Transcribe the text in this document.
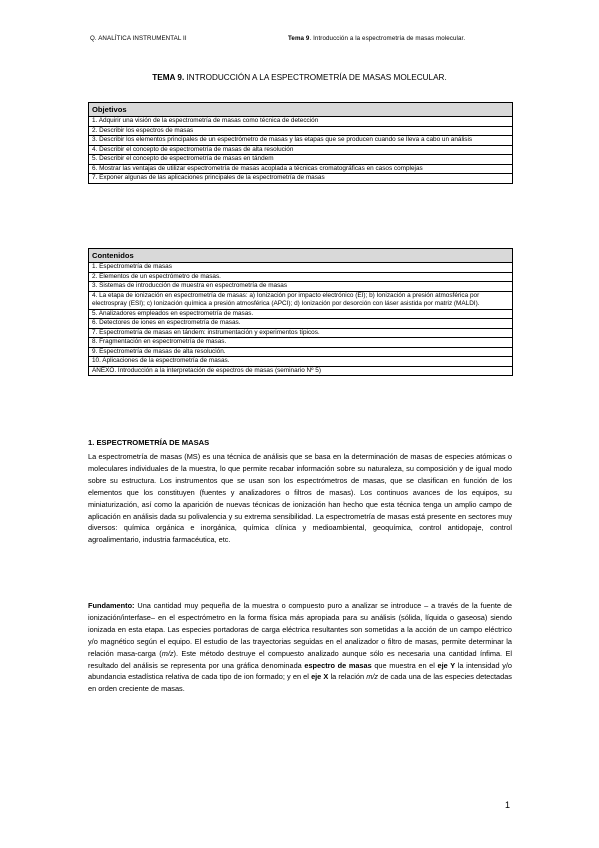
Q. ANALÍTICA INSTRUMENTAL II	Tema 9. Introducción a la espectrometría de masas molecular.
TEMA 9. INTRODUCCIÓN A LA ESPECTROMETRÍA DE MASAS MOLECULAR.
Objetivos
1. Adquirir una visión de la espectrometría de masas como técnica de detección
2. Describir los espectros de masas
3. Describir los elementos principales de un espectrómetro de masas y las etapas que se producen cuando se lleva a cabo un análisis
4. Describir el concepto de espectrometría de masas de alta resolución
5. Describir el concepto de espectrometría de masas en tándem
6. Mostrar las ventajas de utilizar espectrometría de masas acoplada a técnicas cromatográficas en casos complejas
7. Exponer algunas de las aplicaciones principales de la espectrometría de masas
Contenidos
1. Espectrometría de masas
2. Elementos de un espectrómetro de masas.
3. Sistemas de introducción de muestra en espectrometría de masas
4. La etapa de ionización en espectrometría de masas: a) Ionización por impacto electrónico (EI); b) Ionización a presión atmosférica por electrospray (ESI); c) Ionización química a presión atmosférica (APCI); d) Ionización por desorción con láser asistida por matriz (MALDI).
5. Analizadores empleados en espectrometría de masas.
6. Detectores de iones en espectrometría de masas.
7. Espectrometría de masas en tándem: instrumentación y experimentos típicos.
8. Fragmentación en espectrometría de masas.
9. Espectrometría de masas de alta resolución.
10. Aplicaciones de la espectrometría de masas.
ANEXO. Introducción a la interpretación de espectros de masas (seminario Nº 5)
1. ESPECTROMETRÍA DE MASAS
La espectrometría de masas (MS) es una técnica de análisis que se basa en la determinación de masas de especies atómicas o moleculares individuales de la muestra, lo que permite recabar información sobre su naturaleza, su composición y de igual modo sobre su estructura. Los instrumentos que se usan son los espectrómetros de masas, que se clasifican en función de los elementos que los constituyen (fuentes y analizadores o filtros de masas). Los continuos avances de los equipos, su miniaturización, así como la aparición de nuevas técnicas de ionización han hecho que esta técnica tenga un amplio campo de aplicación en análisis dada su polivalencia y su extrema sensibilidad. La espectrometría de masas está presente en sectores muy diversos: química orgánica e inorgánica, química clínica y medioambiental, geoquímica, control antidopaje, control agroalimentario, industria farmacéutica, etc.
Fundamento: Una cantidad muy pequeña de la muestra o compuesto puro a analizar se introduce – a través de la fuente de ionización/interfase– en el espectrómetro en la forma física más apropiada para su análisis (sólida, líquida o gaseosa) siendo ionizada en esta etapa. Las especies portadoras de carga eléctrica resultantes son sometidas a la acción de un campo eléctrico y/o magnético según el equipo. El estudio de las trayectorias seguidas en el analizador o filtro de masas, permite determinar la relación masa-carga (m/z). Este método destruye el compuesto analizado aunque sólo es necesaria una cantidad ínfima. El resultado del análisis se representa por una gráfica denominada espectro de masas que muestra en el eje Y la intensidad y/o abundancia estadística relativa de cada tipo de ion formado; y en el eje X la relación m/z de cada una de las especies detectadas en orden creciente de masas.
1
